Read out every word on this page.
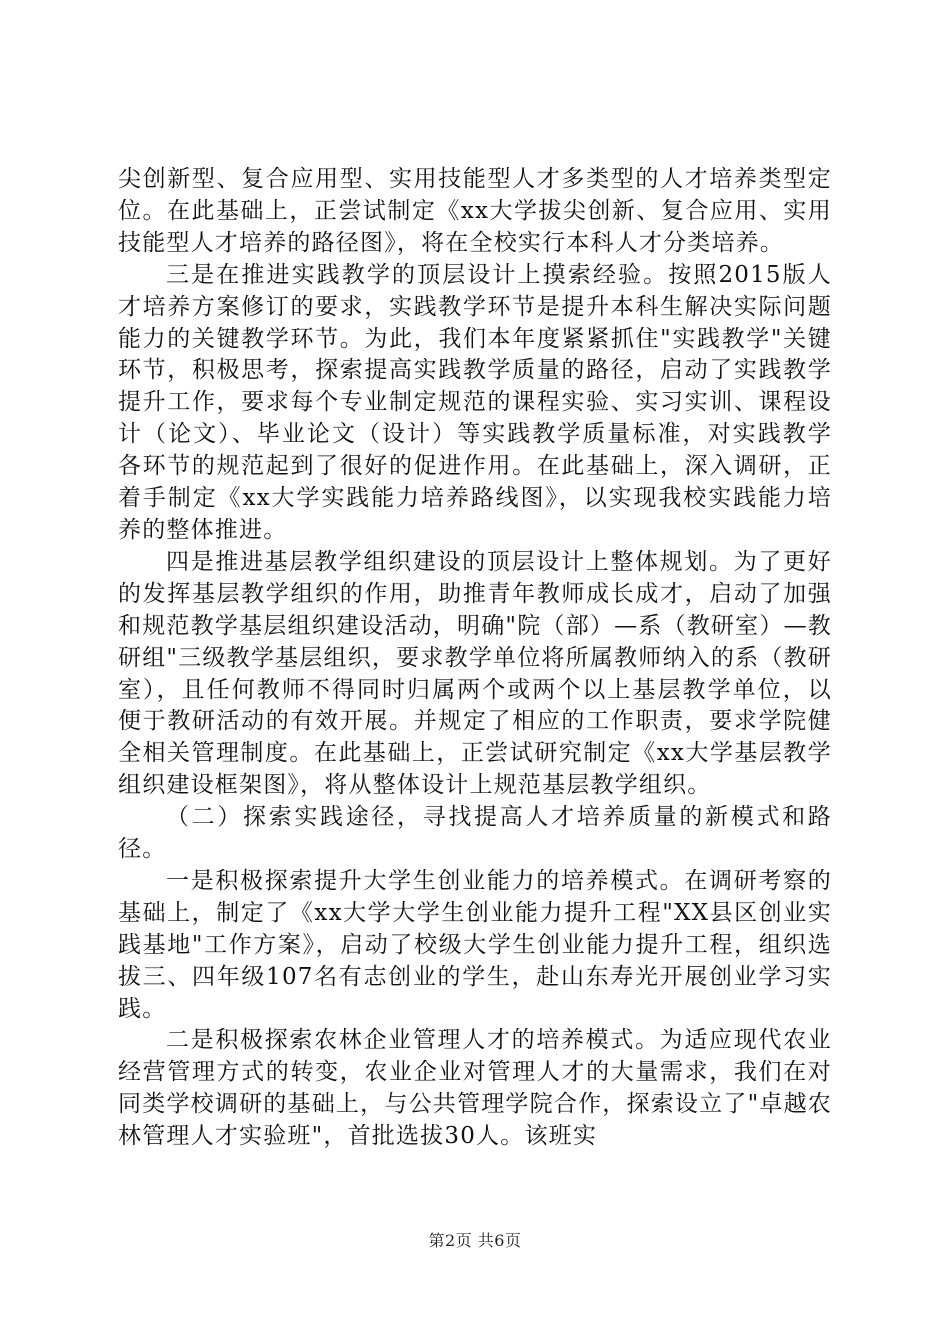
尖创新型、复合应用型、实用技能型人才多类型的人才培养类型定位。在此基础上，正尝试制定《xx大学拔尖创新、复合应用、实用技能型人才培养的路径图》，将在全校实行本科人才分类培养。

三是在推进实践教学的顶层设计上摸索经验。按照2015版人才培养方案修订的要求，实践教学环节是提升本科生解决实际问题能力的关键教学环节。为此，我们本年度紧紧抓住"实践教学"关键环节，积极思考，探索提高实践教学质量的路径，启动了实践教学提升工作，要求每个专业制定规范的课程实验、实习实训、课程设计（论文）、毕业论文（设计）等实践教学质量标准，对实践教学各环节的规范起到了很好的促进作用。在此基础上，深入调研，正着手制定《xx大学实践能力培养路线图》，以实现我校实践能力培养的整体推进。

四是推进基层教学组织建设的顶层设计上整体规划。为了更好的发挥基层教学组织的作用，助推青年教师成长成才，启动了加强和规范教学基层组织建设活动，明确"院（部）—系（教研室）—教研组"三级教学基层组织，要求教学单位将所属教师纳入的系（教研室），且任何教师不得同时归属两个或两个以上基层教学单位，以便于教研活动的有效开展。并规定了相应的工作职责，要求学院健全相关管理制度。在此基础上，正尝试研究制定《xx大学基层教学组织建设框架图》，将从整体设计上规范基层教学组织。

（二）探索实践途径，寻找提高人才培养质量的新模式和路径。

一是积极探索提升大学生创业能力的培养模式。在调研考察的基础上，制定了《xx大学大学生创业能力提升工程"XX县区创业实践基地"工作方案》，启动了校级大学生创业能力提升工程，组织选拔三、四年级107名有志创业的学生，赴山东寿光开展创业学习实践。

二是积极探索农林企业管理人才的培养模式。为适应现代农业经营管理方式的转变，农业企业对管理人才的大量需求，我们在对同类学校调研的基础上，与公共管理学院合作，探索设立了"卓越农林管理人才实验班"，首批选拔30人。该班实

第2页 共6页
